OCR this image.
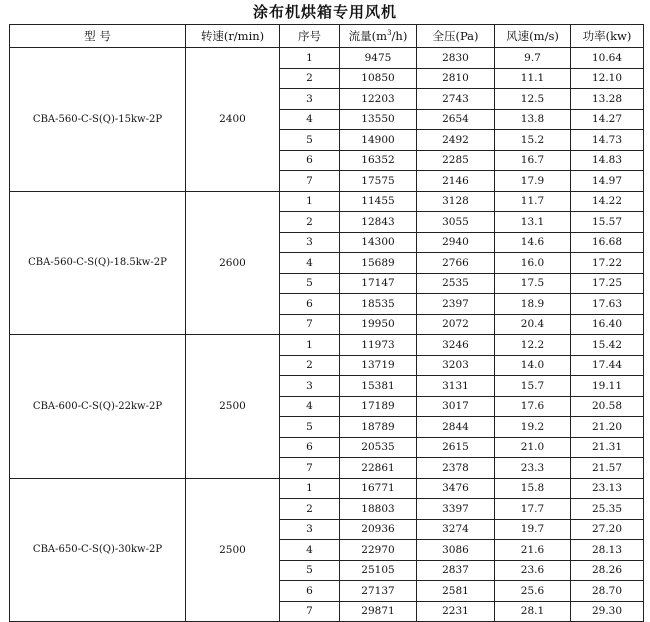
涂布机烘箱专用风机
型 号	转速(r/min)	序号	流量$(m^3/h)$	全压(Pa)	风速(m/s)	功率(kw)
CBA-560-C-S(Q)-15kw-2P	2400	1	9475	2830	9.7	10.64
		2	10850	2810	11.1	12.10
		3	12203	2743	12.5	13.28
		4	13550	2654	13.8	14.27
		5	14900	2492	15.2	14.73
		6	16352	2285	16.7	14.83
		7	17575	2146	17.9	14.97
CBA-560-C-S(Q)-18.5kw-2P	2600	1	11455	3128	11.7	14.22
		2	12843	3055	13.1	15.57
		3	14300	2940	14.6	16.68
		4	15689	2766	16.0	17.22
		5	17147	2535	17.5	17.25
		6	18535	2397	18.9	17.63
		7	19950	2072	20.4	16.40
CBA-600-C-S(Q)-22kw-2P	2500	1	11973	3246	12.2	15.42
		2	13719	3203	14.0	17.44
		3	15381	3131	15.7	19.11
		4	17189	3017	17.6	20.58
		5	18789	2844	19.2	21.20
		6	20535	2615	21.0	21.31
		7	22861	2378	23.3	21.57
CBA-650-C-S(Q)-30kw-2P	2500	1	16771	3476	15.8	23.13
		2	18803	3397	17.7	25.35
		3	20936	3274	19.7	27.20
		4	22970	3086	21.6	28.13
		5	25105	2837	23.6	28.26
		6	27137	2581	25.6	28.70
		7	29871	2231	28.1	29.30
